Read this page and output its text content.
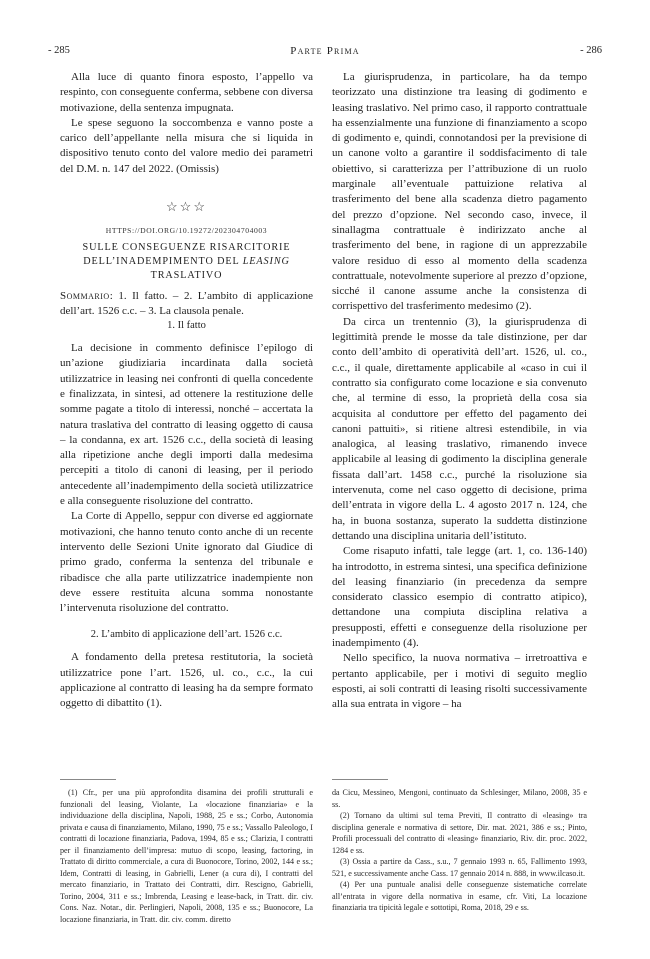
- 285	Parte Prima	- 286

Alla luce di quanto finora esposto, l’appello va respinto, con conseguente conferma, sebbene con diversa motivazione, della sentenza impugnata.

Le spese seguono la soccombenza e vanno poste a carico dell’appellante nella misura che si liquida in dispositivo tenuto conto del valore medio dei parametri del D.M. n. 147 del 2022. (Omissis)

☆☆☆
HTTPS://DOI.ORG/10.19272/202304704003
SULLE CONSEGUENZE RISARCITORIE
DELL’INADEMPIMENTO DEL LEASING TRASLATIVO

Sommario: 1. Il fatto. – 2. L’ambito di applicazione dell’art. 1526 c.c. – 3. La clausola penale.

1. Il fatto

La decisione in commento definisce l’epilogo di un’azione giudiziaria incardinata dalla società utilizzatrice in leasing nei confronti di quella concedente e finalizzata, in sintesi, ad ottenere la restituzione delle somme pagate a titolo di interessi, nonché – accertata la natura traslativa del contratto di leasing oggetto di causa – la condanna, ex art. 1526 c.c., della società di leasing alla ripetizione anche degli importi dalla medesima percepiti a titolo di canoni di leasing, per il periodo antecedente all’inadempimento della società utilizzatrice e alla conseguente risoluzione del contratto.

La Corte di Appello, seppur con diverse ed aggiornate motivazioni, che hanno tenuto conto anche di un recente intervento delle Sezioni Unite ignorato dal Giudice di primo grado, conferma la sentenza del tribunale e ribadisce che alla parte utilizzatrice inadempiente non deve essere restituita alcuna somma nonostante l’intervenuta risoluzione del contratto.

2. L’ambito di applicazione dell’art. 1526 c.c.

A fondamento della pretesa restitutoria, la società utilizzatrice pone l’art. 1526, ul. co., c.c., la cui applicazione al contratto di leasing ha da sempre formato oggetto di dibattito (1).

La giurisprudenza, in particolare, ha da tempo teorizzato una distinzione tra leasing di godimento e leasing traslativo. Nel primo caso, il rapporto contrattuale ha essenzialmente una funzione di finanziamento a scopo di godimento e, quindi, connotandosi per la previsione di un canone volto a garantire il soddisfacimento di tale obiettivo, si caratterizza per l’attribuzione di un ruolo marginale all’eventuale pattuizione relativa al trasferimento del bene alla scadenza dietro pagamento del prezzo d’opzione. Nel secondo caso, invece, il sinallagma contrattuale è indirizzato anche al trasferimento del bene, in ragione di un apprezzabile valore residuo di esso al momento della scadenza contrattuale, notevolmente superiore al prezzo d’opzione, sicché il canone assume anche la consistenza di corrispettivo del trasferimento medesimo (2).

Da circa un trentennio (3), la giurisprudenza di legittimità prende le mosse da tale distinzione, per dar conto dell’ambito di operatività dell’art. 1526, ul. co., c.c., il quale, direttamente applicabile al «caso in cui il contratto sia configurato come locazione e sia convenuto che, al termine di esso, la proprietà della cosa sia acquisita al conduttore per effetto del pagamento dei canoni pattuiti», si ritiene altresì estendibile, in via analogica, al leasing traslativo, rimanendo invece applicabile al leasing di godimento la disciplina generale fissata dall’art. 1458 c.c., purché la risoluzione sia intervenuta, come nel caso oggetto di decisione, prima dell’entrata in vigore della L. 4 agosto 2017 n. 124, che ha, in buona sostanza, superato la suddetta distinzione dettando una disciplina unitaria dell’istituto.

Come risaputo infatti, tale legge (art. 1, co. 136-140) ha introdotto, in estrema sintesi, una specifica definizione del leasing finanziario (in precedenza da sempre considerato classico esempio di contratto atipico), dettandone una compiuta disciplina relativa a presupposti, effetti e conseguenze della risoluzione per inadempimento (4).

Nello specifico, la nuova normativa – irretroattiva e pertanto applicabile, per i motivi di seguito meglio esposti, ai soli contratti di leasing risolti successivamente alla sua entrata in vigore – ha

(1) Cfr., per una più approfondita disamina dei profili strutturali e funzionali del leasing, Violante, La «locazione finanziaria» e la individuazione della disciplina, Napoli, 1988, 25 e ss.; Corbo, Autonomia privata e causa di finanziamento, Milano, 1990, 75 e ss.; Vassallo Paleologo, I contratti di locazione finanziaria, Padova, 1994, 85 e ss.; Clarizia, I contratti per il finanziamento dell’impresa: mutuo di scopo, leasing, factoring, in Trattato di diritto commerciale, a cura di Buonocore, Torino, 2002, 144 e ss.; Idem, Contratti di leasing, in Gabrielli, Lener (a cura di), I contratti del mercato finanziario, in Trattato dei Contratti, dirr. Rescigno, Gabrielli, Torino, 2004, 311 e ss.; Imbrenda, Leasing e lease-back, in Tratt. dir. civ. Cons. Naz. Notar., dir. Perlingieri, Napoli, 2008, 135 e ss.; Buonocore, La locazione finanziaria, in Tratt. dir. civ. comm. diretto

da Cicu, Messineo, Mengoni, continuato da Schlesinger, Milano, 2008, 35 e ss.

(2) Tornano da ultimi sul tema Previti, Il contratto di «leasing» tra disciplina generale e normativa di settore, Dir. mat. 2021, 386 e ss.; Pinto, Profili processuali del contratto di «leasing» finanziario, Riv. dir. proc. 2022, 1284 e ss.

(3) Ossia a partire da Cass., s.u., 7 gennaio 1993 n. 65, Fallimento 1993, 521, e successivamente anche Cass. 17 gennaio 2014 n. 888, in www.ilcaso.it.

(4) Per una puntuale analisi delle conseguenze sistematiche correlate all’entrata in vigore della normativa in esame, cfr. Viti, La locazione finanziaria tra tipicità legale e sottotipi, Roma, 2018, 29 e ss.
